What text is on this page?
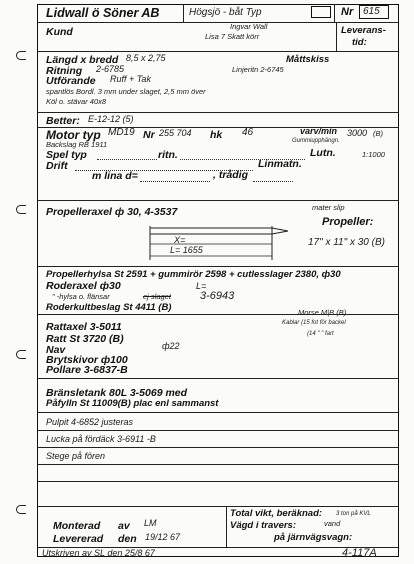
Lidwall ö Söner AB	Högsjö - båt Typ	Nr 615
Kund	Ingvar Wall
Lisa 7 Skatt körr
Leverans-
tid:
Längd x bredd 8,5 x 2,75	Måttskiss
Ritning 2-6785	Linjeritn 2-6745
Utförande Ruff + Tak
spantlös Bordl. 3 mm under slaget, 2,5 mm över
Köl o. stävar 40x8
Better: E-12-12 (5)
Motor typ MD19 Nr 255 704 hk 46	varv/min 3000 (B)
Backslag RB 1911	Gummiupphängn.
Spel typ	ritn.	Lutn.	1:1000
Drift	Linmatn.
m lina d=	, trådig
Propelleraxel ф 30, 4-3537	mater slip
Propeller:
X=
L= 1655
17" x 11" x 30 (B)
Propellerhylsa St 2591 + gummirör 2598 + cutlesslager 2380, ф30
Roderaxel ф30	L=
" -hylsa o. flänsar	ej slaget	3-6943
Roderkultbeslag St 4411 (B)	Morse M|B (B)
Kablar {15 fot för backel
{14 " " fart
Rattaxel 3-5011
Ratt St 3720 (B)
Nav	ф22
Brytskivor ф100
Pollare 3-6837-B
Bränsletank 80L 3-5069 med
Påfylln St 11009(B) plac enl sammanst
Pulpit 4-6852 justeras
Lucka på fördäck 3-6911 -B
Stege på fören
Monterad av LM
Levererad den 19/12 67
Total vikt, beräknad: 3 ton på KVL
Vägd i travers:	vand
på järnvägsvagn:
Utskriven av SL den 25/8 67	4-117A
